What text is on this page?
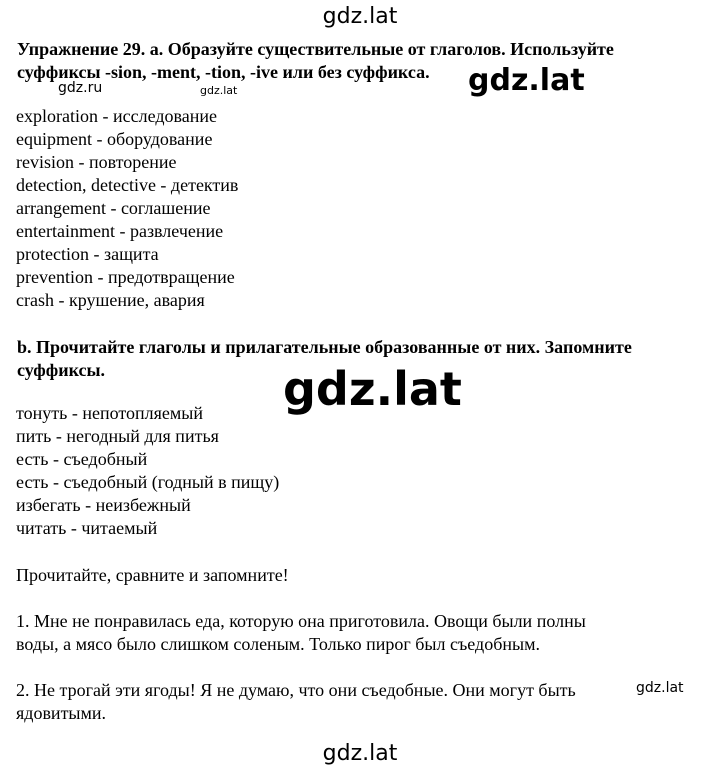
gdz.lat
Упражнение 29. a. Образуйте существительные от глаголов. Используйте
суффиксы -sion, -ment, -tion, -ive или без суффикса.
gdz.ru	gdz.lat	gdz.lat
exploration - исследование
equipment - оборудование
revision - повторение
detection, detective - детектив
arrangement - соглашение
entertainment - развлечение
protection - защита
prevention - предотвращение
crash - крушение, авария
b. Прочитайте глаголы и прилагательные образованные от них. Запомните
суффиксы.	gdz.lat
тонуть - непотопляемый
пить - негодный для питья
есть - съедобный
есть - съедобный (годный в пищу)
избегать - неизбежный
читать - читаемый
Прочитайте, сравните и запомните!
1. Мне не понравилась еда, которую она приготовила. Овощи были полны
воды, а мясо было слишком соленым. Только пирог был съедобным.
2. Не трогай эти ягоды! Я не думаю, что они съедобные. Они могут быть
ядовитыми.
gdz.lat
gdz.lat
